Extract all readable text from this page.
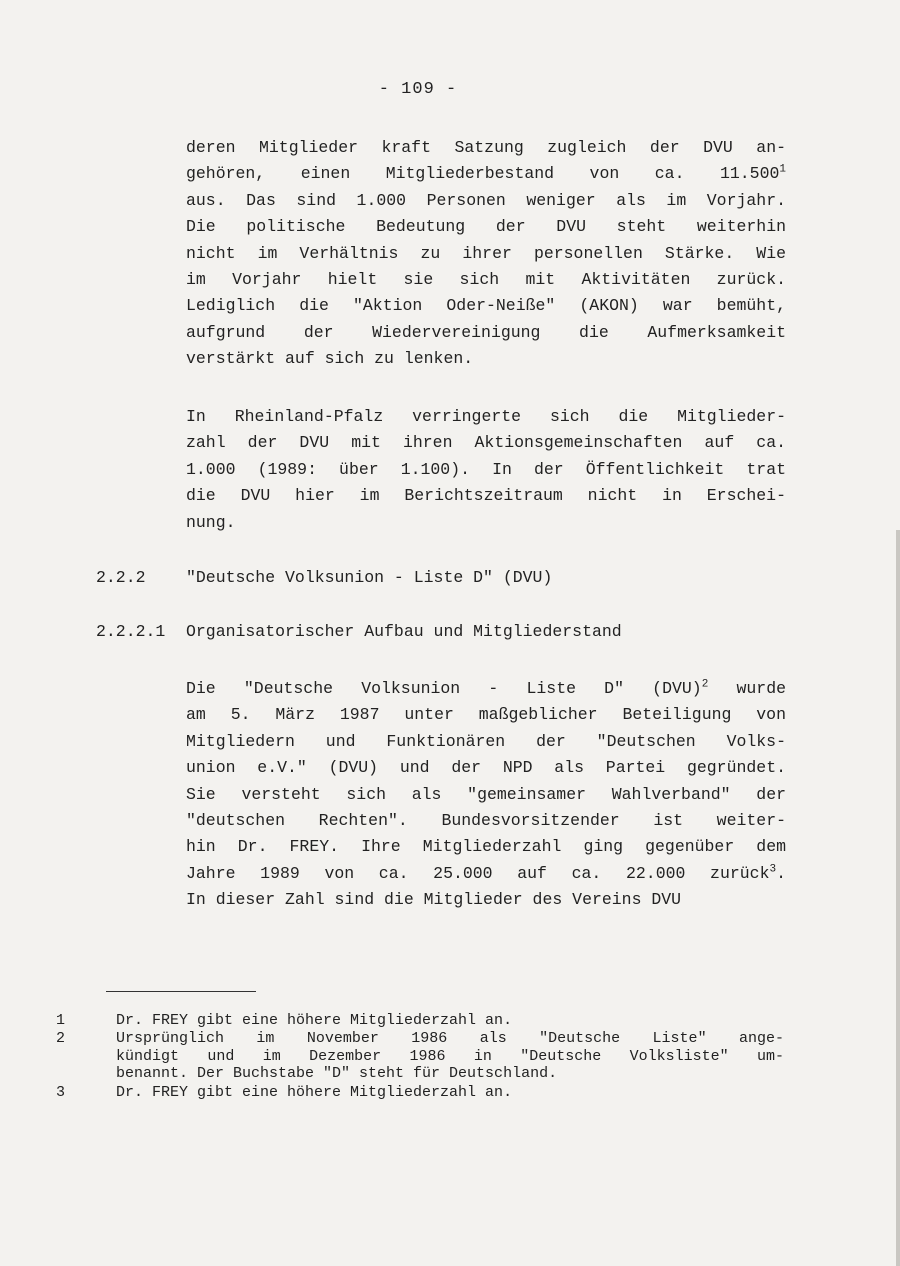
- 109 -
deren Mitglieder kraft Satzung zugleich der DVU an-
gehören, einen Mitgliederbestand von ca. 11.500$^1$
aus. Das sind 1.000 Personen weniger als im Vorjahr.
Die politische Bedeutung der DVU steht weiterhin
nicht im Verhältnis zu ihrer personellen Stärke. Wie
im Vorjahr hielt sie sich mit Aktivitäten zurück.
Lediglich die "Aktion Oder-Neiße" (AKON) war bemüht,
aufgrund der Wiedervereinigung die Aufmerksamkeit
verstärkt auf sich zu lenken.
In Rheinland-Pfalz verringerte sich die Mitglieder-
zahl der DVU mit ihren Aktionsgemeinschaften auf ca.
1.000 (1989: über 1.100). In der Öffentlichkeit trat
die DVU hier im Berichtszeitraum nicht in Erschei-
nung.
2.2.2 "Deutsche Volksunion - Liste D" (DVU)
2.2.2.1 Organisatorischer Aufbau und Mitgliederstand
Die "Deutsche Volksunion - Liste D" (DVU)$^2$ wurde
am 5. März 1987 unter maßgeblicher Beteiligung von
Mitgliedern und Funktionären der "Deutschen Volks-
union e.V." (DVU) und der NPD als Partei gegründet.
Sie versteht sich als "gemeinsamer Wahlverband" der
"deutschen Rechten". Bundesvorsitzender ist weiter-
hin Dr. FREY. Ihre Mitgliederzahl ging gegenüber dem
Jahre 1989 von ca. 25.000 auf ca. 22.000 zurück$^3$.
In dieser Zahl sind die Mitglieder des Vereins DVU
1	Dr. FREY gibt eine höhere Mitgliederzahl an.
2	Ursprünglich im November 1986 als "Deutsche Liste" ange-
kündigt und im Dezember 1986 in "Deutsche Volksliste" um-
benannt. Der Buchstabe "D" steht für Deutschland.
3	Dr. FREY gibt eine höhere Mitgliederzahl an.
